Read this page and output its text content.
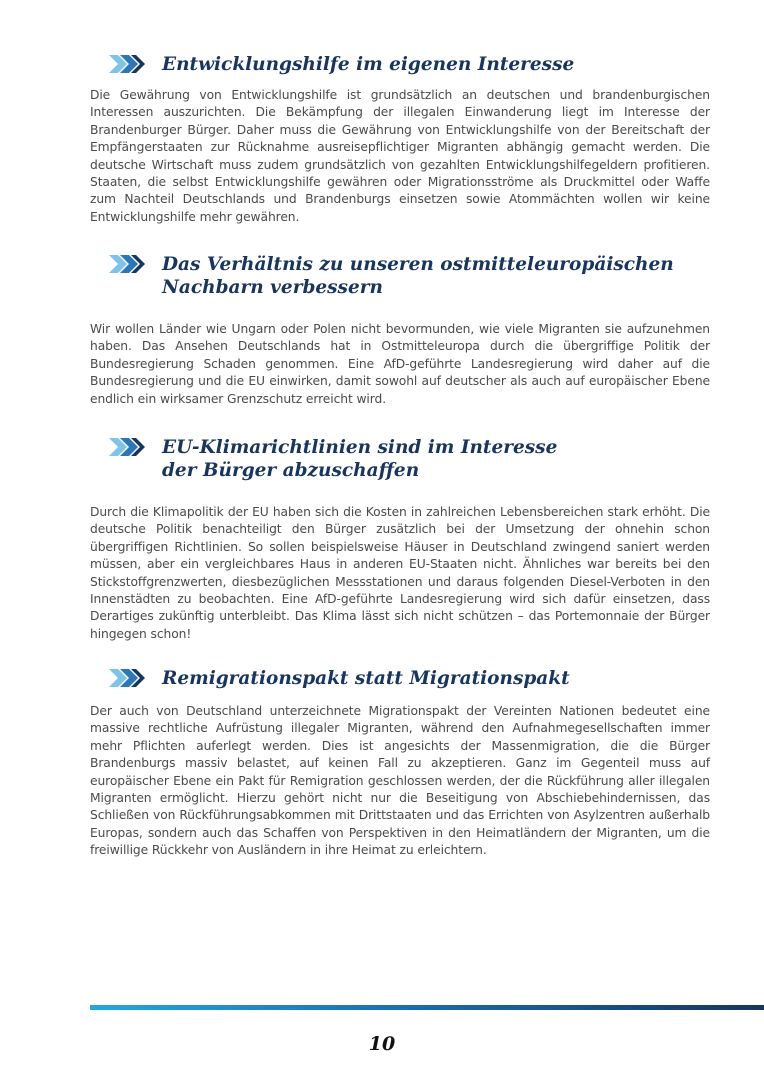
Entwicklungshilfe im eigenen Interesse

Die Gewährung von Entwicklungshilfe ist grundsätzlich an deutschen und brandenburgischen Interessen auszurichten. Die Bekämpfung der illegalen Einwanderung liegt im Interesse der Brandenburger Bürger. Daher muss die Gewährung von Entwicklungshilfe von der Bereitschaft der Empfängerstaaten zur Rücknahme ausreisepflichtiger Migranten abhängig gemacht werden. Die deutsche Wirtschaft muss zudem grundsätzlich von gezahlten Entwicklungshilfegeldern profitieren. Staaten, die selbst Entwicklungshilfe gewähren oder Migrationsströme als Druckmittel oder Waffe zum Nachteil Deutschlands und Brandenburgs einsetzen sowie Atommächten wollen wir keine Entwicklungshilfe mehr gewähren.

Das Verhältnis zu unseren ostmitteleuropäischen
Nachbarn verbessern

Wir wollen Länder wie Ungarn oder Polen nicht bevormunden, wie viele Migranten sie aufzunehmen haben. Das Ansehen Deutschlands hat in Ostmitteleuropa durch die übergriffige Politik der Bundesregierung Schaden genommen. Eine AfD-geführte Landesregierung wird daher auf die Bundesregierung und die EU einwirken, damit sowohl auf deutscher als auch auf europäischer Ebene endlich ein wirksamer Grenzschutz erreicht wird.

EU-Klimarichtlinien sind im Interesse
der Bürger abzuschaffen

Durch die Klimapolitik der EU haben sich die Kosten in zahlreichen Lebensbereichen stark erhöht. Die deutsche Politik benachteiligt den Bürger zusätzlich bei der Umsetzung der ohnehin schon übergriffigen Richtlinien. So sollen beispielsweise Häuser in Deutschland zwingend saniert werden müssen, aber ein vergleichbares Haus in anderen EU-Staaten nicht. Ähnliches war bereits bei den Stickstoffgrenzwerten, diesbezüglichen Messstationen und daraus folgenden Diesel-Verboten in den Innenstädten zu beobachten. Eine AfD-geführte Landesregierung wird sich dafür einsetzen, dass Derartiges zukünftig unterbleibt. Das Klima lässt sich nicht schützen – das Portemonnaie der Bürger hingegen schon!

Remigrationspakt statt Migrationspakt

Der auch von Deutschland unterzeichnete Migrationspakt der Vereinten Nationen bedeutet eine massive rechtliche Aufrüstung illegaler Migranten, während den Aufnahmegesellschaften immer mehr Pflichten auferlegt werden. Dies ist angesichts der Massenmigration, die die Bürger Brandenburgs massiv belastet, auf keinen Fall zu akzeptieren. Ganz im Gegenteil muss auf europäischer Ebene ein Pakt für Remigration geschlossen werden, der die Rückführung aller illegalen Migranten ermöglicht. Hierzu gehört nicht nur die Beseitigung von Abschiebehindernissen, das Schließen von Rückführungsabkommen mit Drittstaaten und das Errichten von Asylzentren außerhalb Europas, sondern auch das Schaffen von Perspektiven in den Heimatländern der Migranten, um die freiwillige Rückkehr von Ausländern in ihre Heimat zu erleichtern.

10
